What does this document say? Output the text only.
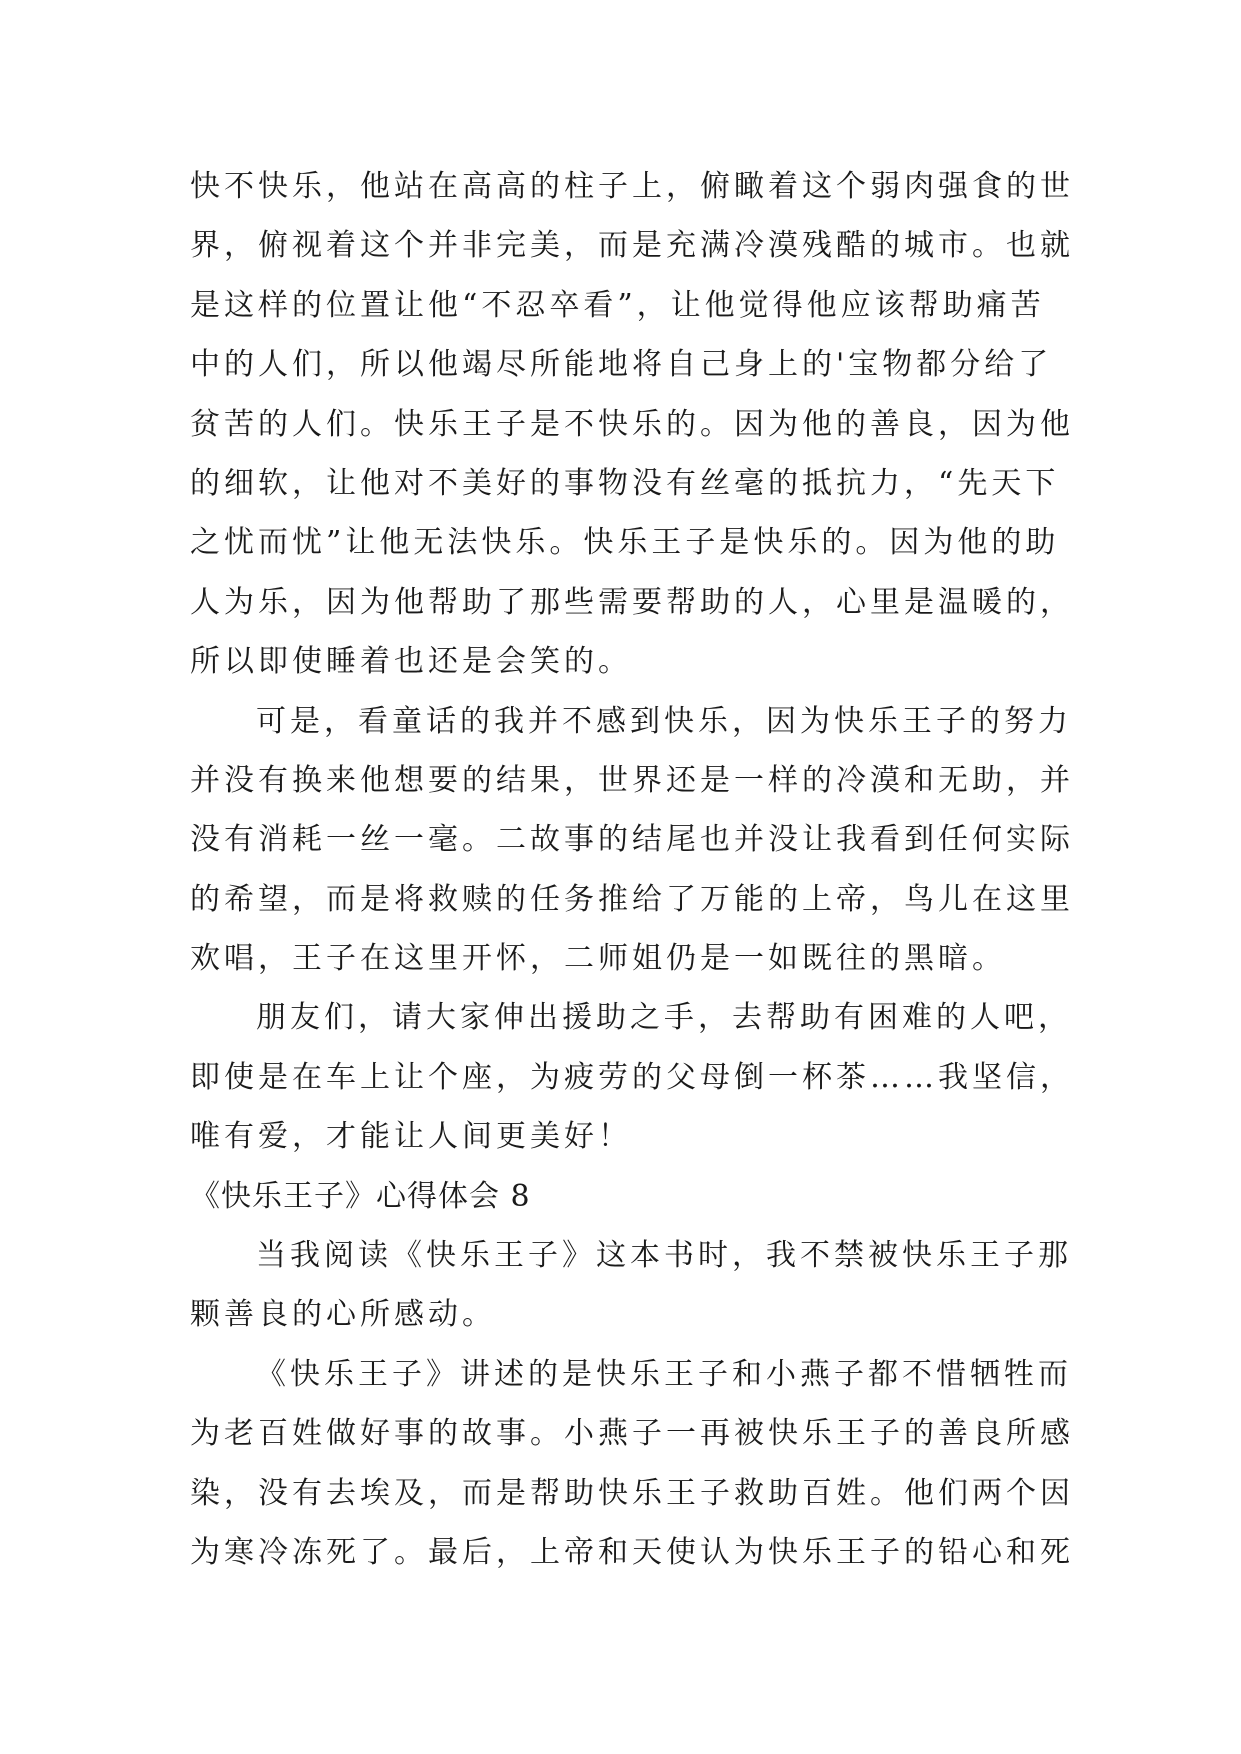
快不快乐，他站在高高的柱子上，俯瞰着这个弱肉强食的世
界，俯视着这个并非完美，而是充满冷漠残酷的城市。也就
是这样的位置让他“不忍卒看”，让他觉得他应该帮助痛苦
中的人们，所以他竭尽所能地将自己身上的'宝物都分给了
贫苦的人们。快乐王子是不快乐的。因为他的善良，因为他
的细软，让他对不美好的事物没有丝毫的抵抗力，“先天下
之忧而忧”让他无法快乐。快乐王子是快乐的。因为他的助
人为乐，因为他帮助了那些需要帮助的人，心里是温暖的，
所以即使睡着也还是会笑的。
可是，看童话的我并不感到快乐，因为快乐王子的努力
并没有换来他想要的结果，世界还是一样的冷漠和无助，并
没有消耗一丝一毫。二故事的结尾也并没让我看到任何实际
的希望，而是将救赎的任务推给了万能的上帝，鸟儿在这里
欢唱，王子在这里开怀，二师姐仍是一如既往的黑暗。
朋友们，请大家伸出援助之手，去帮助有困难的人吧，
即使是在车上让个座，为疲劳的父母倒一杯茶……我坚信，
唯有爱，才能让人间更美好！
《快乐王子》心得体会 8
当我阅读《快乐王子》这本书时，我不禁被快乐王子那
颗善良的心所感动。
《快乐王子》讲述的是快乐王子和小燕子都不惜牺牲而
为老百姓做好事的故事。小燕子一再被快乐王子的善良所感
染，没有去埃及，而是帮助快乐王子救助百姓。他们两个因
为寒冷冻死了。最后，上帝和天使认为快乐王子的铅心和死
